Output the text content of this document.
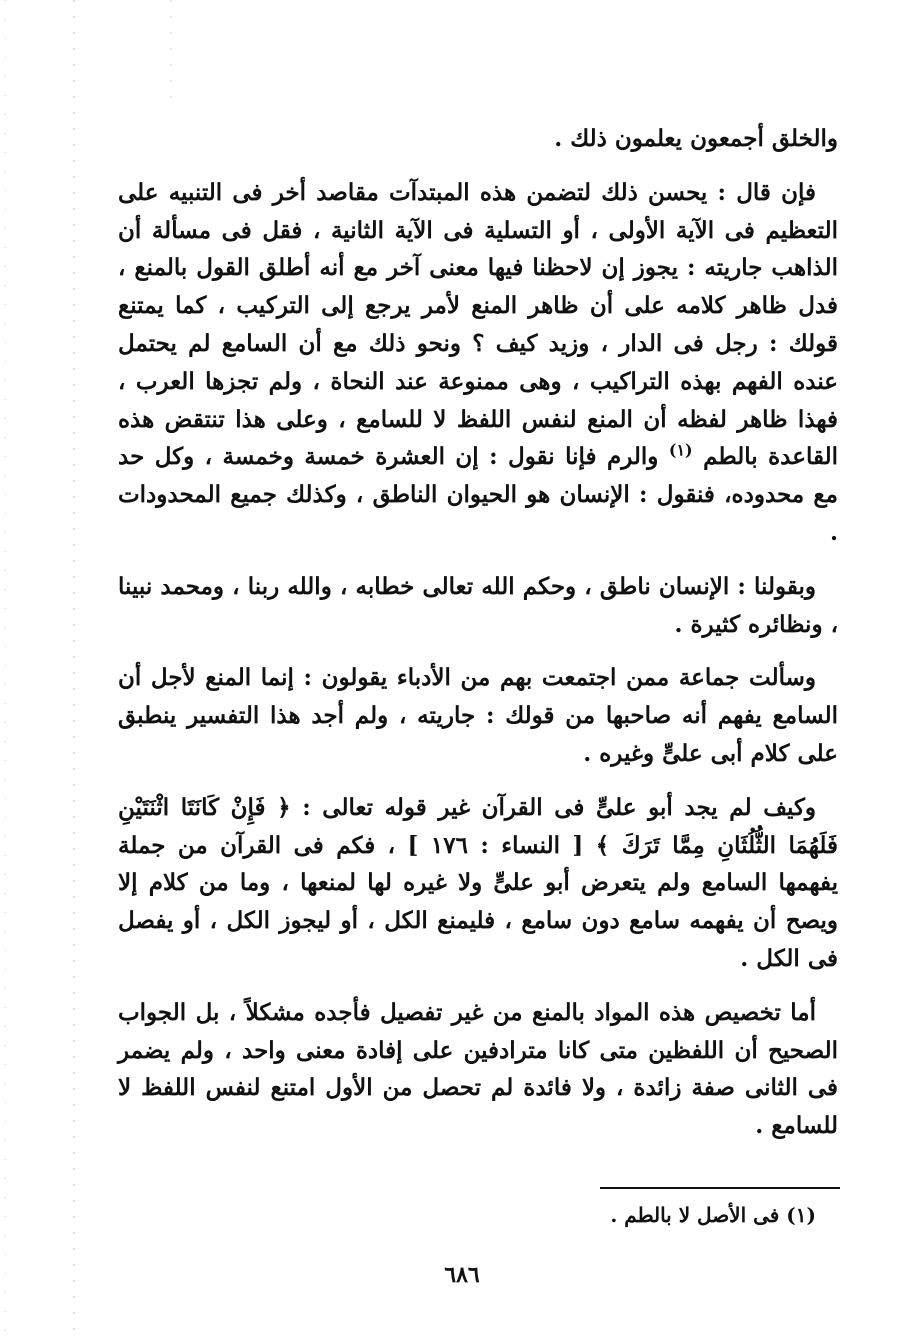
والخلق أجمعون يعلمون ذلك .

فإن قال : يحسن ذلك لتضمن هذه المبتدآت مقاصد أخر فى التنبيه على التعظيم فى الآية الأولى ، أو التسلية فى الآية الثانية ، فقل فى مسألة أن الذاهب جاريته : يجوز إن لاحظنا فيها معنى آخر مع أنه أطلق القول بالمنع ، فدل ظاهر كلامه على أن ظاهر المنع لأمر يرجع إلى التركيب ، كما يمتنع قولك : رجل فى الدار ، وزيد كيف ؟ ونحو ذلك مع أن السامع لم يحتمل عنده الفهم بهذه التراكيب ، وهى ممنوعة عند النحاة ، ولم تجزها العرب ، فهذا ظاهر لفظه أن المنع لنفس اللفظ لا للسامع ، وعلى هذا تنتقض هذه القاعدة بالطم $^{(١)}$ والرم فإنا نقول : إن العشرة خمسة وخمسة ، وكل حد مع محدوده، فنقول : الإنسان هو الحيوان الناطق ، وكذلك جميع المحدودات .

وبقولنا : الإنسان ناطق ، وحكم الله تعالى خطابه ، والله ربنا ، ومحمد نبينا ، ونظائره كثيرة .

وسألت جماعة ممن اجتمعت بهم من الأدباء يقولون : إنما المنع لأجل أن السامع يفهم أنه صاحبها من قولك : جاريته ، ولم أجد هذا التفسير ينطبق على كلام أبى علىٍّ وغيره .

وكيف لم يجد أبو علىٍّ فى القرآن غير قوله تعالى : ﴿ فَإِنْ كَانَتَا اثْنَتَيْنِ فَلَهُمَا الثُّلُثَانِ مِمَّا تَرَكَ ﴾ [ النساء : ١٧٦ ] ، فكم فى القرآن من جملة يفهمها السامع ولم يتعرض أبو علىٍّ ولا غيره لها لمنعها ، وما من كلام إلا ويصح أن يفهمه سامع دون سامع ، فليمنع الكل ، أو ليجوز الكل ، أو يفصل فى الكل .

أما تخصيص هذه المواد بالمنع من غير تفصيل فأجده مشكلاً ، بل الجواب الصحيح أن اللفظين متى كانا مترادفين على إفادة معنى واحد ، ولم يضمر فى الثانى صفة زائدة ، ولا فائدة لم تحصل من الأول امتنع لنفس اللفظ لا للسامع .

(١) فى الأصل لا بالطم .
٦٨٦
